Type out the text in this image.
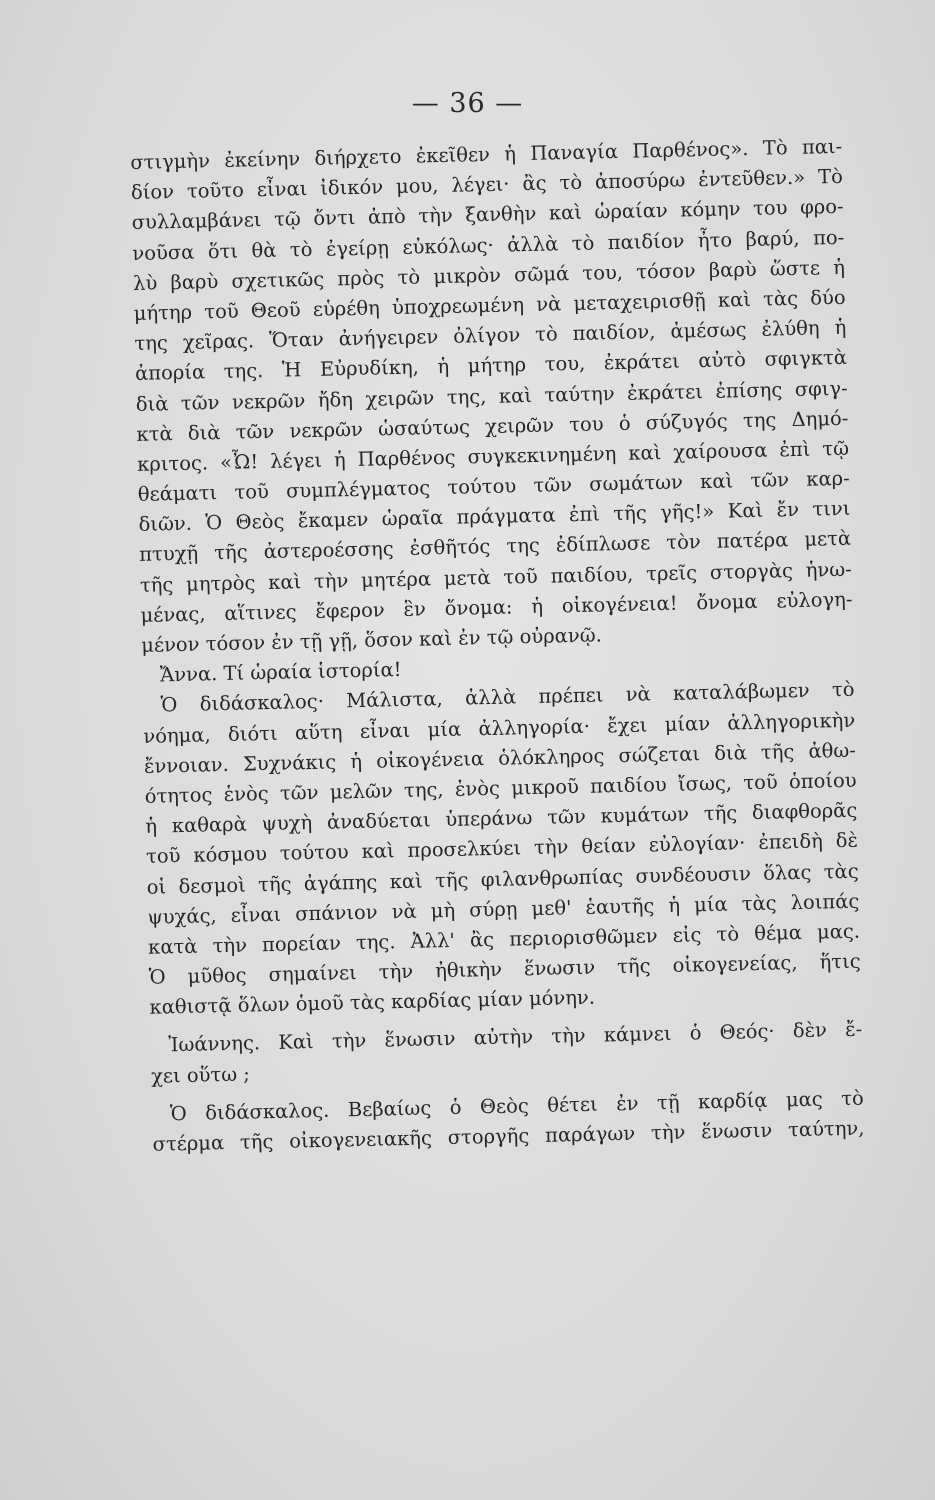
— 36 —
στιγμὴν ἐκείνην διήρχετο ἐκεῖθεν ἡ Παναγία Παρθένος». Τὸ παι-
δίον τοῦτο εἶναι ἰδικόν μου, λέγει· ἂς τὸ ἀποσύρω ἐντεῦθεν.» Τὸ
συλλαμβάνει τῷ ὄντι ἀπὸ τὴν ξανθὴν καὶ ὡραίαν κόμην του φρο-
νοῦσα ὅτι θὰ τὸ ἐγείρῃ εὐκόλως· ἀλλὰ τὸ παιδίον ἦτο βαρύ, πο-
λὺ βαρὺ σχετικῶς πρὸς τὸ μικρὸν σῶμά του, τόσον βαρὺ ὥστε ἡ
μήτηρ τοῦ Θεοῦ εὑρέθη ὑποχρεωμένη νὰ μεταχειρισθῇ καὶ τὰς δύο
της χεῖρας. Ὅταν ἀνήγειρεν ὀλίγον τὸ παιδίον, ἀμέσως ἐλύθη ἡ
ἀπορία της. Ἡ Εὐρυδίκη, ἡ μήτηρ του, ἐκράτει αὐτὸ σφιγκτὰ
διὰ τῶν νεκρῶν ἤδη χειρῶν της, καὶ ταύτην ἐκράτει ἐπίσης σφιγ-
κτὰ διὰ τῶν νεκρῶν ὡσαύτως χειρῶν του ὁ σύζυγός της Δημό-
κριτος. «Ὦ! λέγει ἡ Παρθένος συγκεκινημένη καὶ χαίρουσα ἐπὶ τῷ
θεάματι τοῦ συμπλέγματος τούτου τῶν σωμάτων καὶ τῶν καρ-
διῶν. Ὁ Θεὸς ἔκαμεν ὡραῖα πράγματα ἐπὶ τῆς γῆς!» Καὶ ἔν τινι
πτυχῇ τῆς ἀστεροέσσης ἐσθῆτός της ἐδίπλωσε τὸν πατέρα μετὰ
τῆς μητρὸς καὶ τὴν μητέρα μετὰ τοῦ παιδίου, τρεῖς στοργὰς ἡνω-
μένας, αἵτινες ἔφερον ἓν ὄνομα: ἡ οἰκογένεια! ὄνομα εὐλογη-
μένον τόσον ἐν τῇ γῇ, ὅσον καὶ ἐν τῷ οὐρανῷ.
Ἄννα. Τί ὡραία ἱστορία!
Ὁ διδάσκαλος· Μάλιστα, ἀλλὰ πρέπει νὰ καταλάβωμεν τὸ
νόημα, διότι αὕτη εἶναι μία ἀλληγορία· ἔχει μίαν ἀλληγορικὴν
ἔννοιαν. Συχνάκις ἡ οἰκογένεια ὁλόκληρος σώζεται διὰ τῆς ἀθω-
ότητος ἑνὸς τῶν μελῶν της, ἑνὸς μικροῦ παιδίου ἴσως, τοῦ ὁποίου
ἡ καθαρὰ ψυχὴ ἀναδύεται ὑπεράνω τῶν κυμάτων τῆς διαφθορᾶς
τοῦ κόσμου τούτου καὶ προσελκύει τὴν θείαν εὐλογίαν· ἐπειδὴ δὲ
οἱ δεσμοὶ τῆς ἀγάπης καὶ τῆς φιλανθρωπίας συνδέουσιν ὅλας τὰς
ψυχάς, εἶναι σπάνιον νὰ μὴ σύρῃ μεθ' ἑαυτῆς ἡ μία τὰς λοιπάς
κατὰ τὴν πορείαν της. Ἀλλ' ἂς περιορισθῶμεν εἰς τὸ θέμα μας.
Ὁ μῦθος σημαίνει τὴν ἠθικὴν ἕνωσιν τῆς οἰκογενείας, ἥτις
καθιστᾷ ὅλων ὁμοῦ τὰς καρδίας μίαν μόνην.
Ἰωάννης. Καὶ τὴν ἕνωσιν αὐτὴν τὴν κάμνει ὁ Θεός· δὲν ἔ-
χει οὕτω ;
Ὁ διδάσκαλος. Βεβαίως ὁ Θεὸς θέτει ἐν τῇ καρδίᾳ μας τὸ
στέρμα τῆς οἰκογενειακῆς στοργῆς παράγων τὴν ἕνωσιν ταύτην,
